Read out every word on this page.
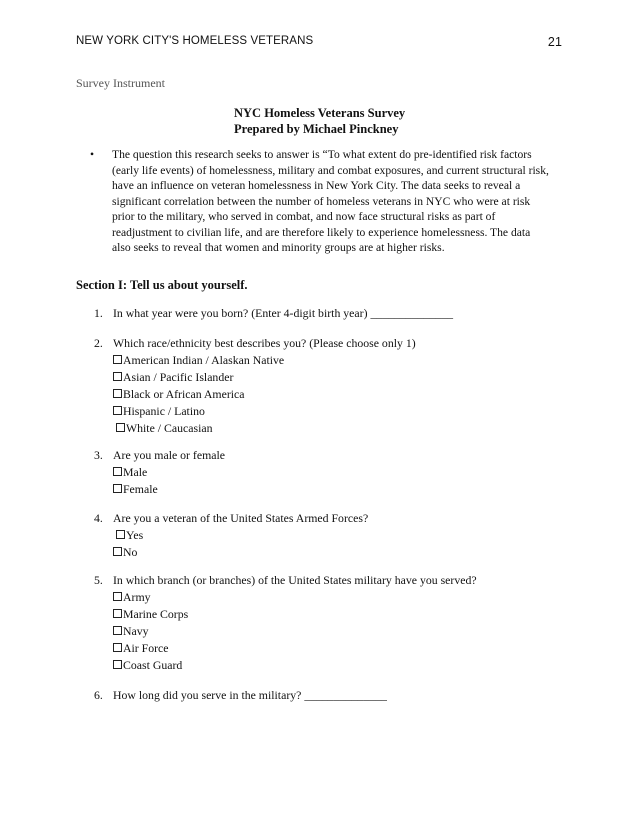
NEW YORK CITY'S HOMELESS VETERANS	21
Survey Instrument
NYC Homeless Veterans Survey
Prepared by Michael Pinckney
•	The question this research seeks to answer is “To what extent do pre-identified risk factors (early life events) of homelessness, military and combat exposures, and current structural risk, have an influence on veteran homelessness in New York City. The data seeks to reveal a significant correlation between the number of homeless veterans in NYC who were at risk prior to the military, who served in combat, and now face structural risks as part of readjustment to civilian life, and are therefore likely to experience homelessness. The data also seeks to reveal that women and minority groups are at higher risks.
Section I: Tell us about yourself.
1. In what year were you born? (Enter 4-digit birth year) ______________
2. Which race/ethnicity best describes you? (Please choose only 1)
American Indian / Alaskan Native
Asian / Pacific Islander
Black or African America
Hispanic / Latino
White / Caucasian
3. Are you male or female
Male
Female
4. Are you a veteran of the United States Armed Forces?
Yes
No
5. In which branch (or branches) of the United States military have you served?
Army
Marine Corps
Navy
Air Force
Coast Guard
6. How long did you serve in the military? ______________
